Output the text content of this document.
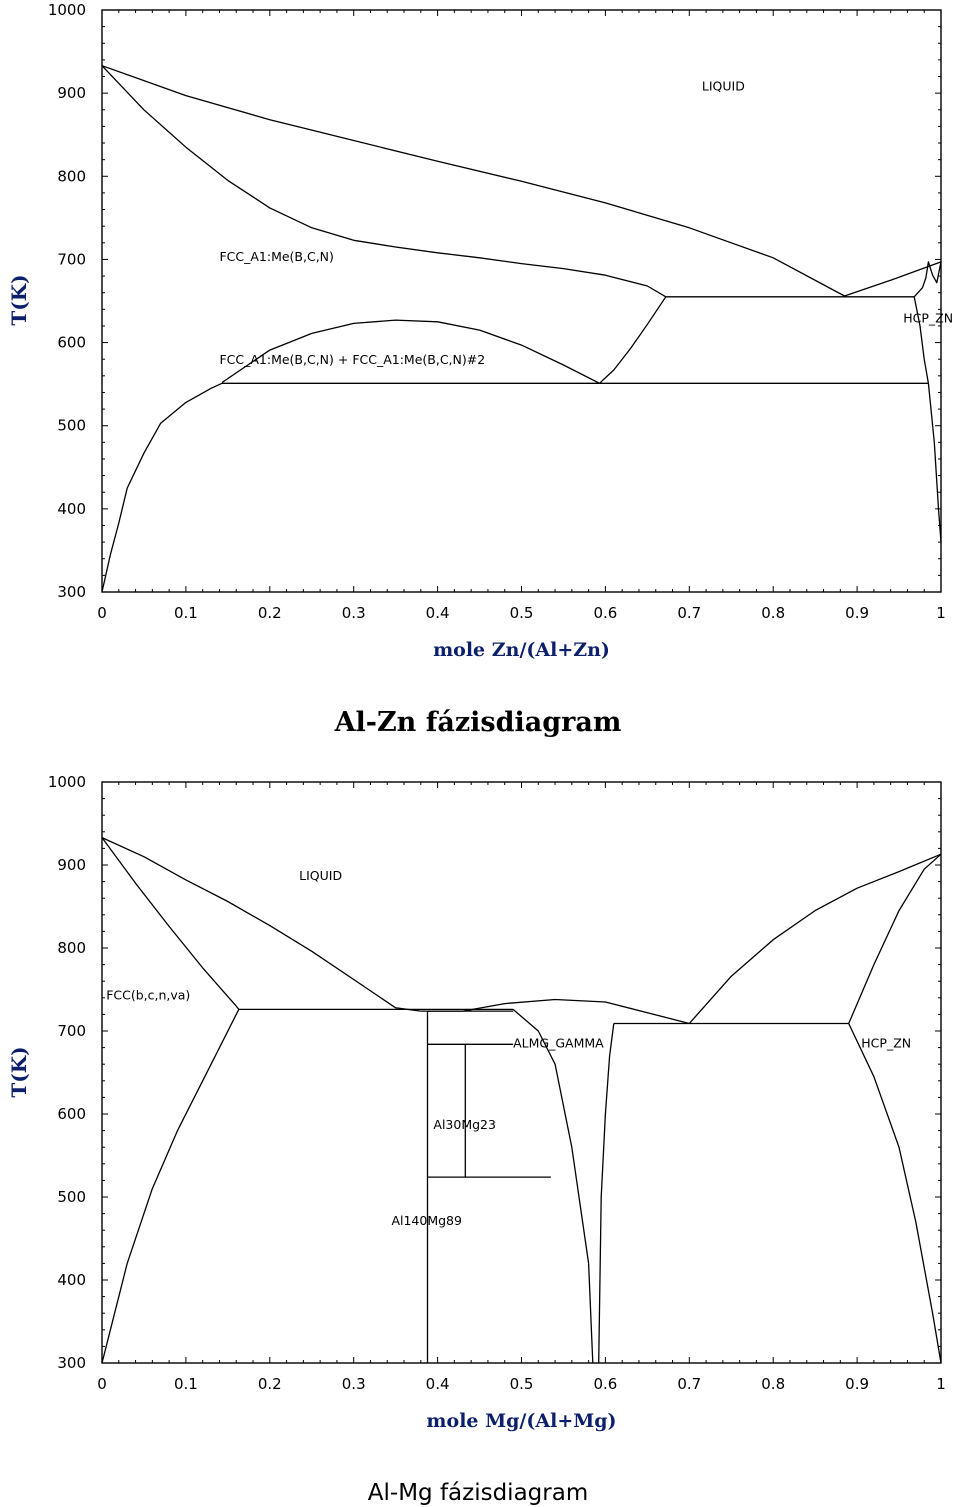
0	0.1	0.2	0.3	0.4	0.5	0.6	0.7	0.8	0.9	1
300
400
500
600
700
800
900
1000
LIQUID
FCC_A1:Me(B,C,N)
FCC_A1:Me(B,C,N) + FCC_A1:Me(B,C,N)#2
HCP_ZN
mole Zn/(Al+Zn)
T(K)
Al-Zn fázisdiagram
0	0.1	0.2	0.3	0.4	0.5	0.6	0.7	0.8	0.9	1
300
400
500
600
700
800
900
1000
LIQUID
FCC(b,c,n,va)
ALMG_GAMMA	HCP_ZN
Al30Mg23
Al140Mg89
mole Mg/(Al+Mg)
T(K)
Al-Mg fázisdiagram
